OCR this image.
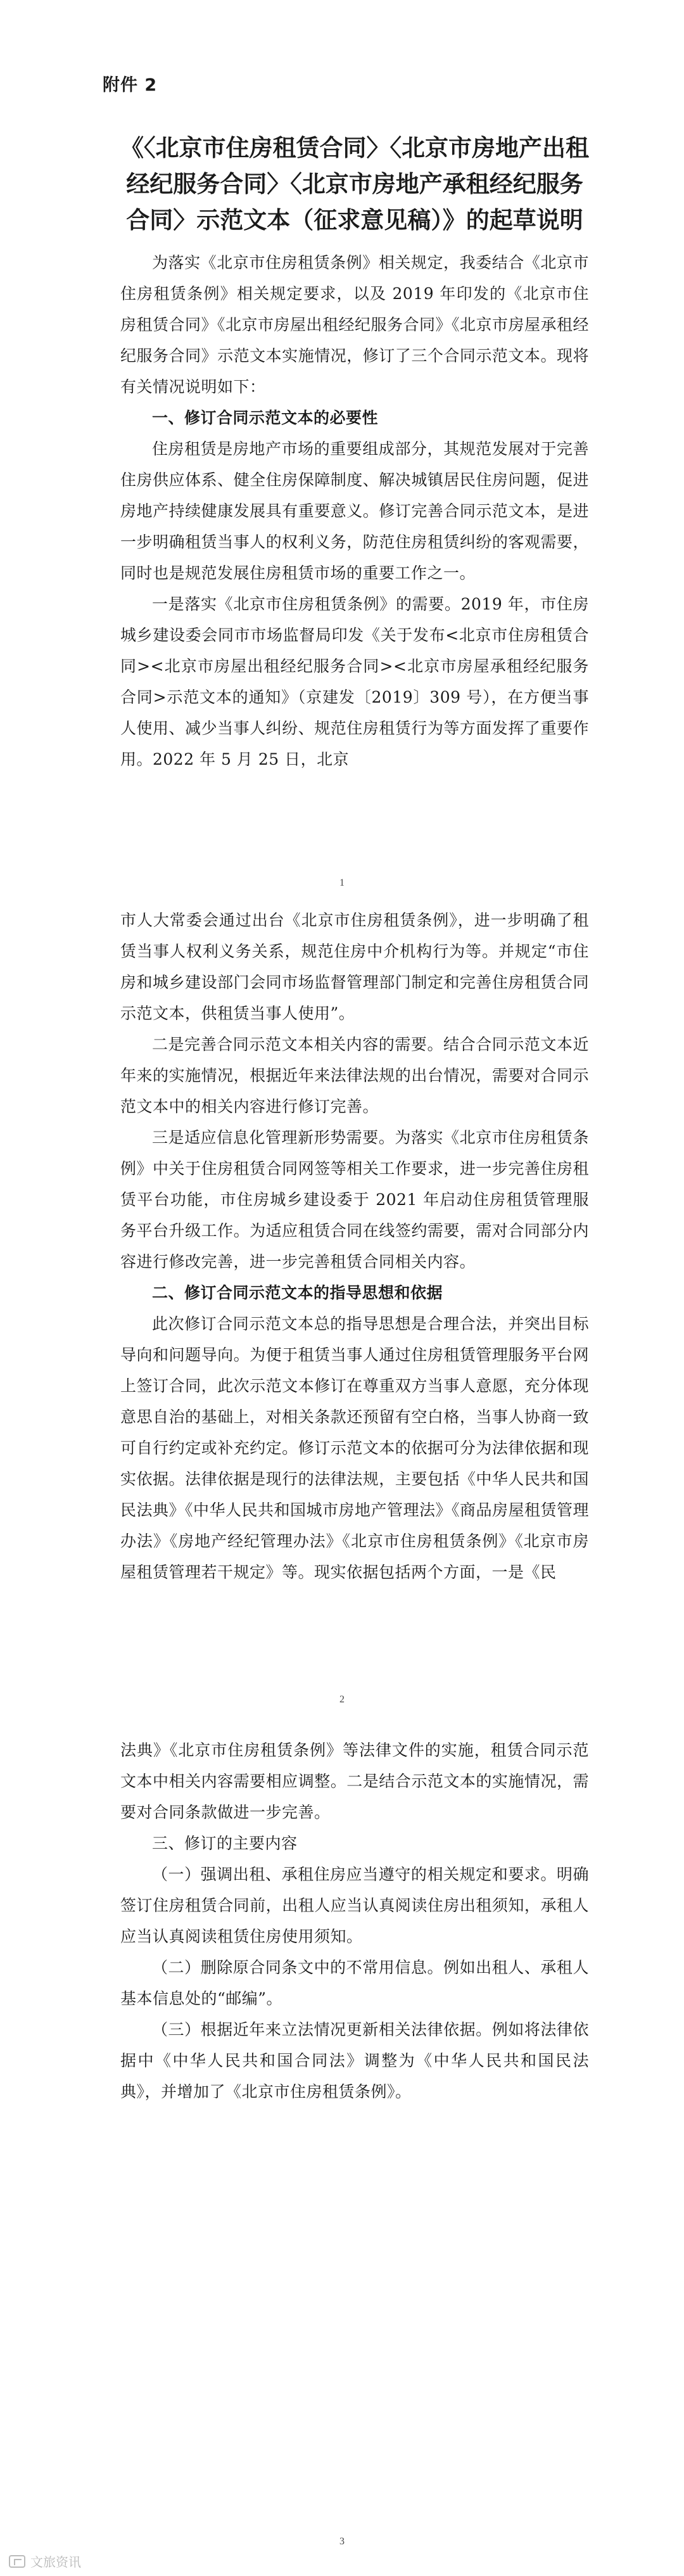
附件 2
《〈北京市住房租赁合同〉〈北京市房地产出租经纪服务合同〉〈北京市房地产承租经纪服务合同〉示范文本（征求意见稿）》的起草说明

为落实《北京市住房租赁条例》相关规定，我委结合《北京市住房租赁条例》相关规定要求，以及 2019 年印发的《北京市住房租赁合同》《北京市房屋出租经纪服务合同》《北京市房屋承租经纪服务合同》示范文本实施情况，修订了三个合同示范文本。现将有关情况说明如下：

一、修订合同示范文本的必要性

住房租赁是房地产市场的重要组成部分，其规范发展对于完善住房供应体系、健全住房保障制度、解决城镇居民住房问题，促进房地产持续健康发展具有重要意义。修订完善合同示范文本，是进一步明确租赁当事人的权利义务，防范住房租赁纠纷的客观需要，同时也是规范发展住房租赁市场的重要工作之一。

一是落实《北京市住房租赁条例》的需要。2019 年，市住房城乡建设委会同市市场监督局印发《关于发布<北京市住房租赁合同><北京市房屋出租经纪服务合同><北京市房屋承租经纪服务合同>示范文本的通知》（京建发〔2019〕309 号），在方便当事人使用、减少当事人纠纷、规范住房租赁行为等方面发挥了重要作用。2022 年 5 月 25 日，北京

1

市人大常委会通过出台《北京市住房租赁条例》，进一步明确了租赁当事人权利义务关系，规范住房中介机构行为等。并规定“市住房和城乡建设部门会同市场监督管理部门制定和完善住房租赁合同示范文本，供租赁当事人使用”。

二是完善合同示范文本相关内容的需要。结合合同示范文本近年来的实施情况，根据近年来法律法规的出台情况，需要对合同示范文本中的相关内容进行修订完善。

三是适应信息化管理新形势需要。为落实《北京市住房租赁条例》中关于住房租赁合同网签等相关工作要求，进一步完善住房租赁平台功能，市住房城乡建设委于 2021 年启动住房租赁管理服务平台升级工作。为适应租赁合同在线签约需要，需对合同部分内容进行修改完善，进一步完善租赁合同相关内容。

二、修订合同示范文本的指导思想和依据

此次修订合同示范文本总的指导思想是合理合法，并突出目标导向和问题导向。为便于租赁当事人通过住房租赁管理服务平台网上签订合同，此次示范文本修订在尊重双方当事人意愿，充分体现意思自治的基础上，对相关条款还预留有空白格，当事人协商一致可自行约定或补充约定。修订示范文本的依据可分为法律依据和现实依据。法律依据是现行的法律法规，主要包括《中华人民共和国民法典》《中华人民共和国城市房地产管理法》《商品房屋租赁管理办法》《房地产经纪管理办法》《北京市住房租赁条例》《北京市房屋租赁管理若干规定》等。现实依据包括两个方面，一是《民

2

法典》《北京市住房租赁条例》等法律文件的实施，租赁合同示范文本中相关内容需要相应调整。二是结合示范文本的实施情况，需要对合同条款做进一步完善。

三、修订的主要内容

（一）强调出租、承租住房应当遵守的相关规定和要求。明确签订住房租赁合同前，出租人应当认真阅读住房出租须知，承租人应当认真阅读租赁住房使用须知。

（二）删除原合同条文中的不常用信息。例如出租人、承租人基本信息处的“邮编”。

（三）根据近年来立法情况更新相关法律依据。例如将法律依据中《中华人民共和国合同法》调整为《中华人民共和国民法典》，并增加了《北京市住房租赁条例》。

3
文旅资讯
